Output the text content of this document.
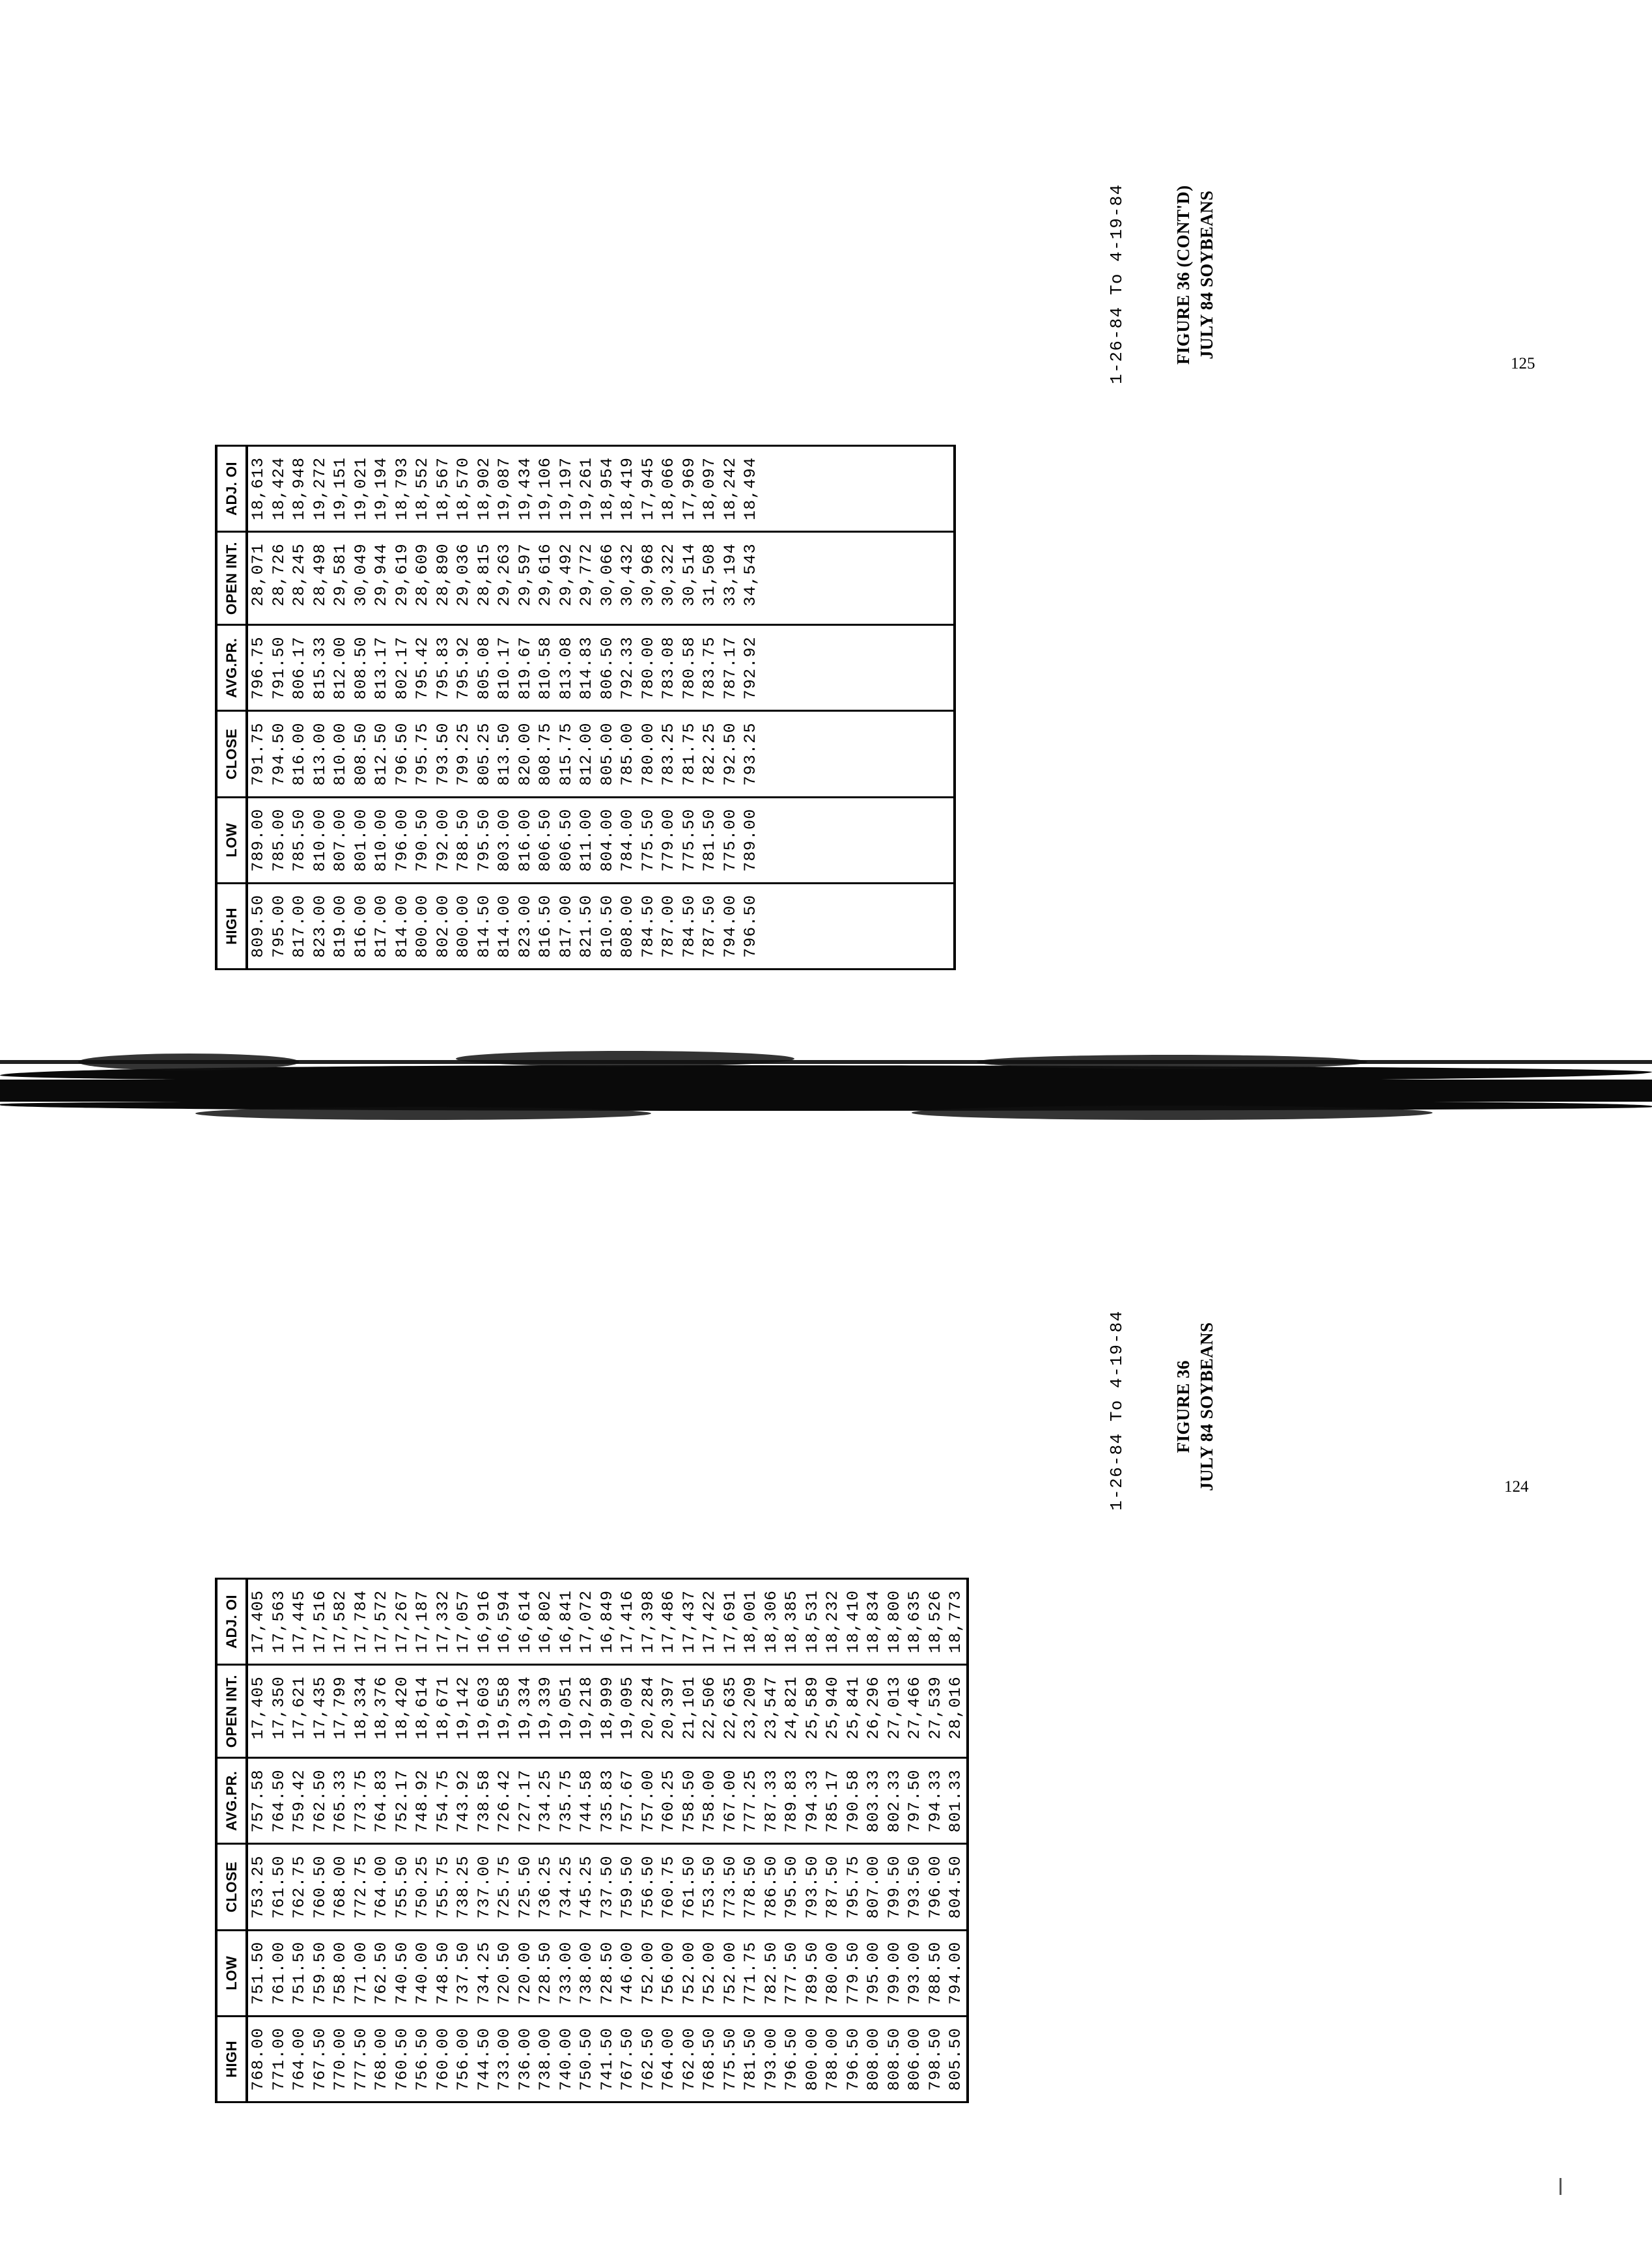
FIGURE 36 (CONT'D) JULY 84 SOYBEANS
1-26-84 To 4-19-84	125
HIGH	LOW	CLOSE	AVG.PR.	OPEN INT.	ADJ. OI
809.50	789.00	791.75	796.75	28,071	18,613
795.00	785.00	794.50	791.50	28,726	18,424
817.00	785.50	816.00	806.17	28,245	18,948
823.00	810.00	813.00	815.33	28,498	19,272
819.00	807.00	810.00	812.00	29,581	19,151
816.00	801.00	808.50	808.50	30,049	19,021
817.00	810.00	812.50	813.17	29,944	19,194
814.00	796.00	796.50	802.17	29,619	18,793
800.00	790.50	795.75	795.42	28,609	18,552
802.00	792.00	793.50	795.83	28,890	18,567
800.00	788.50	799.25	795.92	29,036	18,570
814.50	795.50	805.25	805.08	28,815	18,902
814.00	803.00	813.50	810.17	29,263	19,087
823.00	816.00	820.00	819.67	29,597	19,434
816.50	806.50	808.75	810.58	29,616	19,106
817.00	806.50	815.75	813.08	29,492	19,197
821.50	811.00	812.00	814.83	29,772	19,261
810.50	804.00	805.00	806.50	30,066	18,954
808.00	784.00	785.00	792.33	30,432	18,419
784.50	775.50	780.00	780.00	30,968	17,945
787.00	779.00	783.25	783.08	30,322	18,066
784.50	775.50	781.75	780.58	30,514	17,969
787.50	781.50	782.25	783.75	31,508	18,097
794.00	775.00	792.50	787.17	33,194	18,242
796.50	789.00	793.25	792.92	34,543	18,494

FIGURE 36 JULY 84 SOYBEANS
1-26-84 To 4-19-84	124
HIGH	LOW	CLOSE	AVG.PR.	OPEN INT.	ADJ. OI
768.00	751.50	753.25	757.58	17,405	17,405
771.00	761.00	761.50	764.50	17,350	17,563
764.00	751.50	762.75	759.42	17,621	17,445
767.50	759.50	760.50	762.50	17,435	17,516
770.00	758.00	768.00	765.33	17,799	17,582
777.50	771.00	772.75	773.75	18,334	17,784
768.00	762.50	764.00	764.83	18,376	17,572
760.50	740.50	755.50	752.17	18,420	17,267
756.50	740.00	750.25	748.92	18,614	17,187
760.00	748.50	755.75	754.75	18,671	17,332
756.00	737.50	738.25	743.92	19,142	17,057
744.50	734.25	737.00	738.58	19,603	16,916
733.00	720.50	725.75	726.42	19,558	16,594
736.00	720.00	725.50	727.17	19,334	16,614
738.00	728.50	736.25	734.25	19,339	16,802
740.00	733.00	734.25	735.75	19,051	16,841
750.50	738.00	745.25	744.58	19,218	17,072
741.50	728.50	737.50	735.83	18,999	16,849
767.50	746.00	759.50	757.67	19,095	17,416
762.50	752.00	756.50	757.00	20,284	17,398
764.00	756.00	760.75	760.25	20,397	17,486
762.00	752.00	761.50	758.50	21,101	17,437
768.50	752.00	753.50	758.00	22,506	17,422
775.50	752.00	773.50	767.00	22,635	17,691
781.50	771.75	778.50	777.25	23,209	18,001
793.00	782.50	786.50	787.33	23,547	18,306
796.50	777.50	795.50	789.83	24,821	18,385
800.00	789.50	793.50	794.33	25,589	18,531
788.00	780.00	787.50	785.17	25,940	18,232
796.50	779.50	795.75	790.58	25,841	18,410
808.00	795.00	807.00	803.33	26,296	18,834
808.50	799.00	799.50	802.33	27,013	18,800
806.00	793.00	793.50	797.50	27,466	18,635
798.50	788.50	796.00	794.33	27,539	18,526
805.50	794.00	804.50	801.33	28,016	18,773
